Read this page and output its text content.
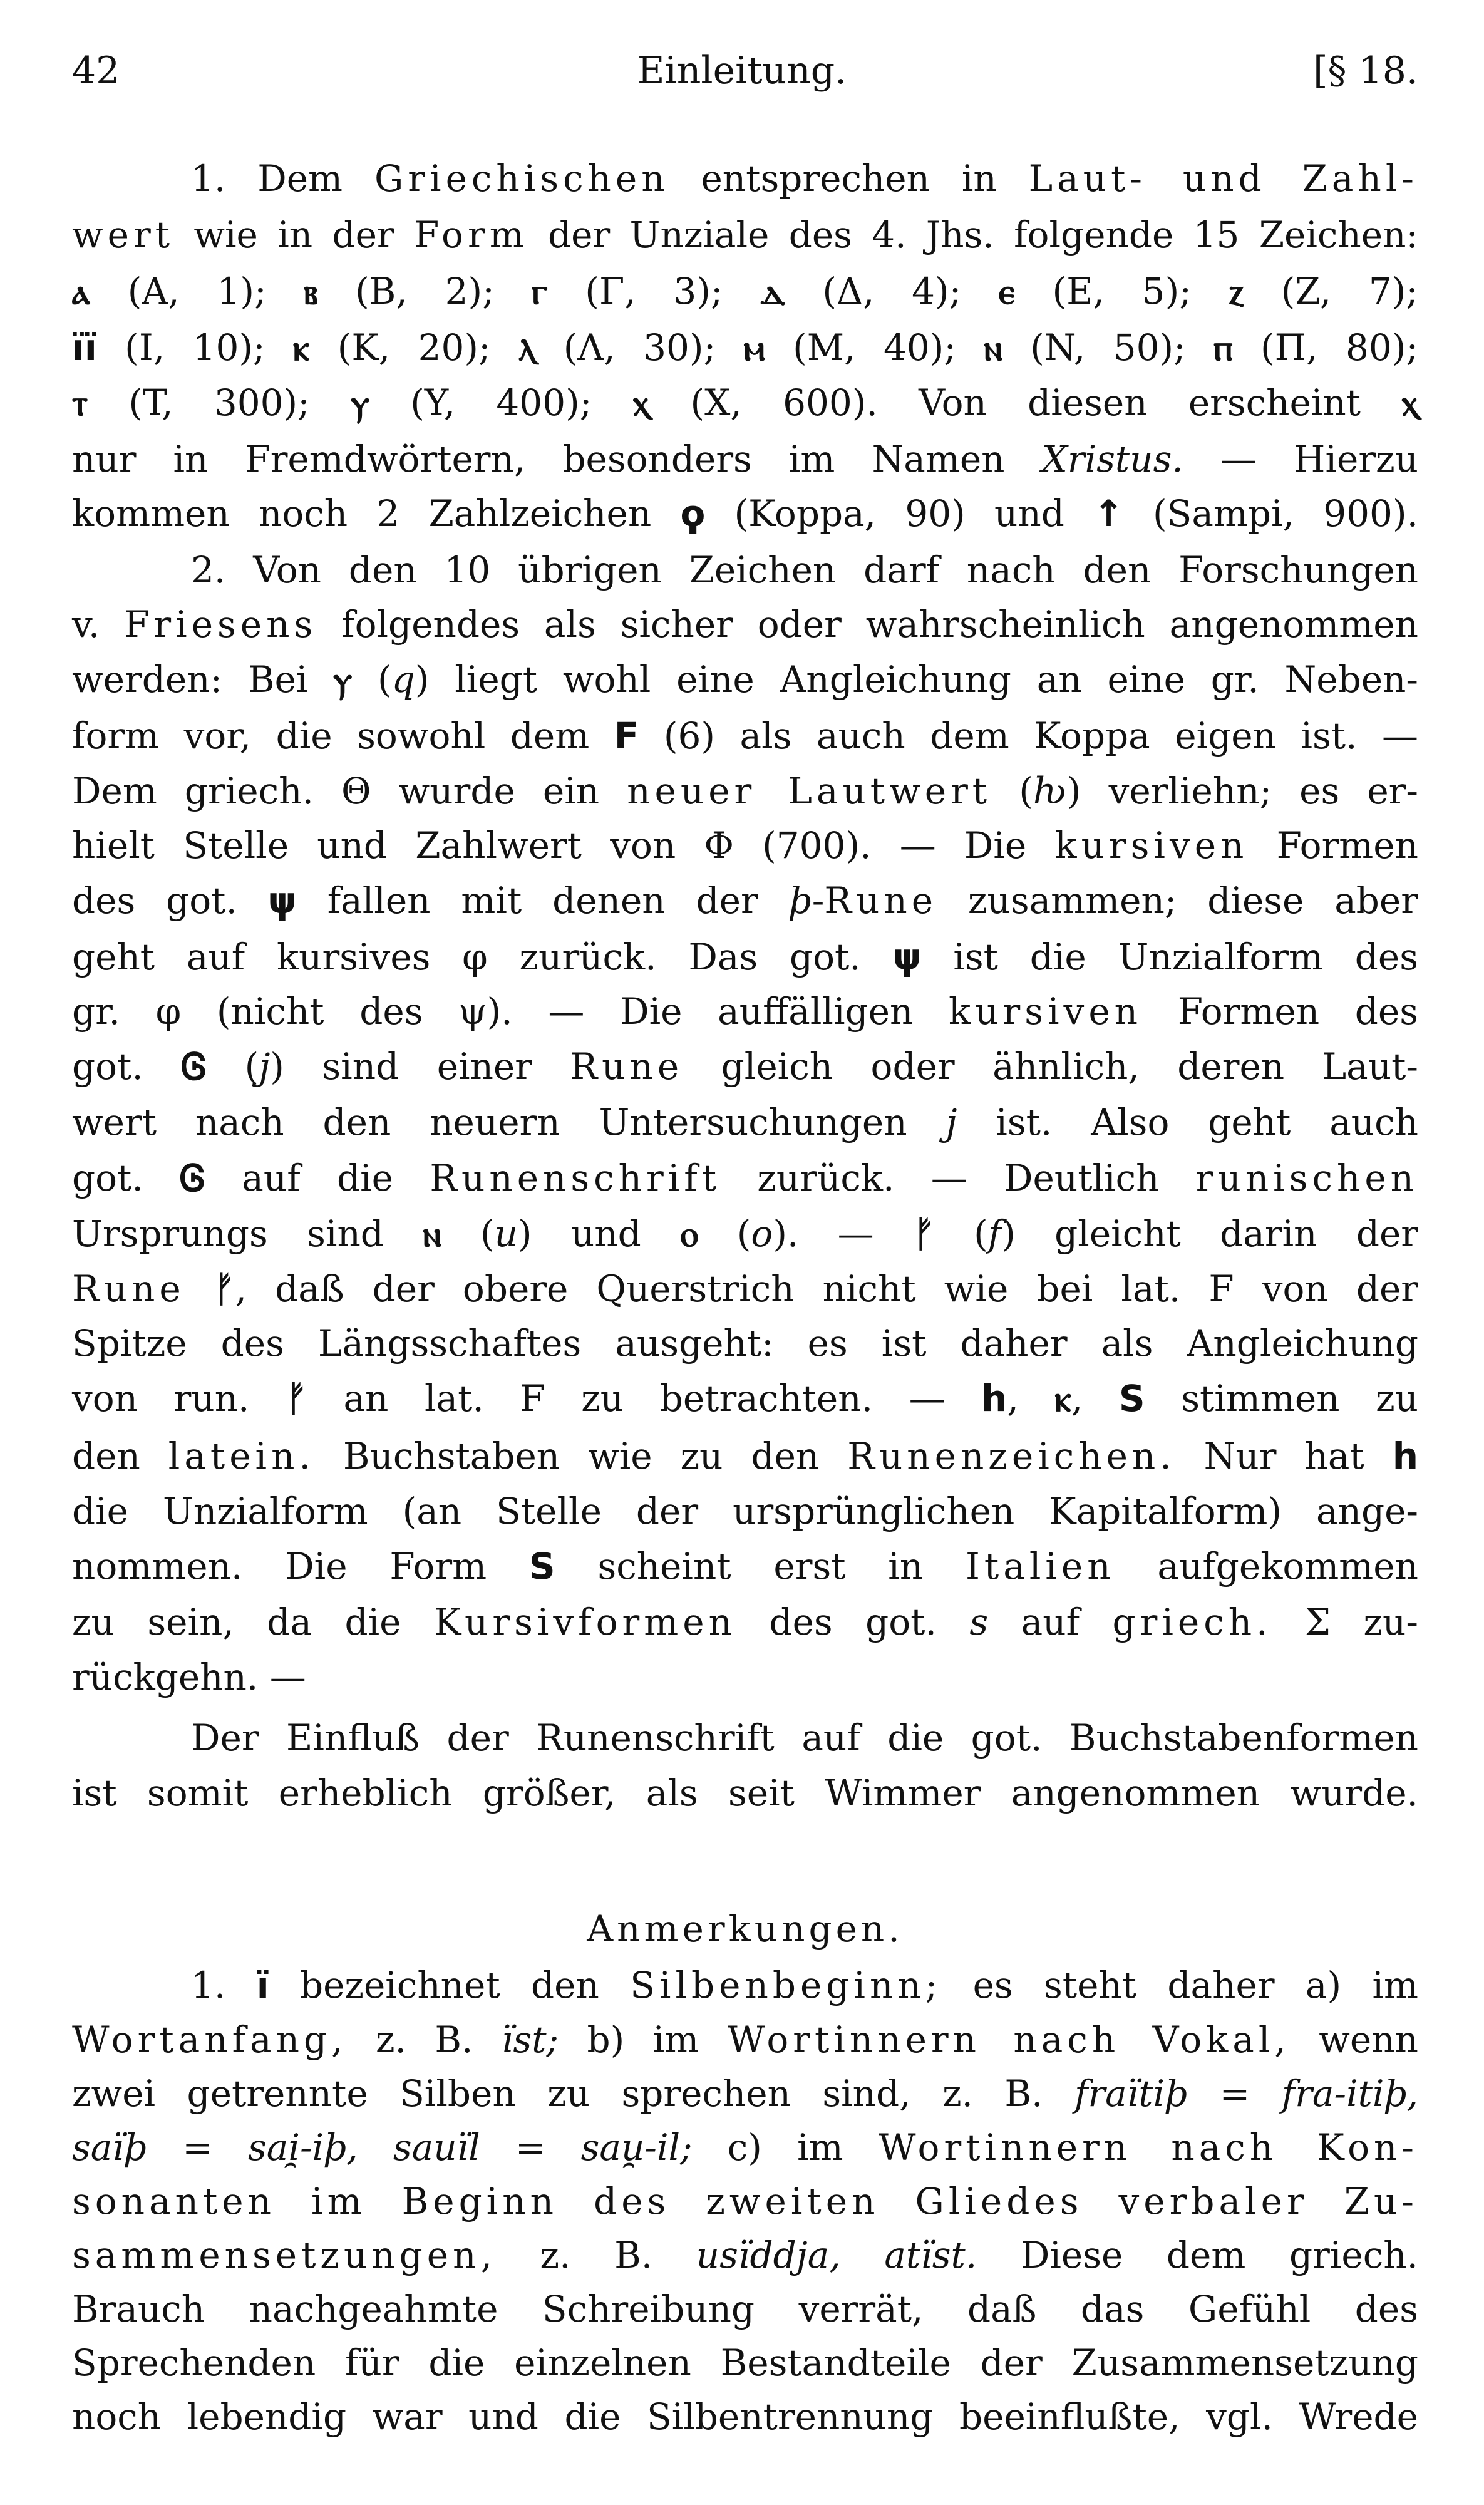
42	Einleitung.	[§ 18.
1. Dem Griechischen entsprechen in Laut- und Zahl-
wert wie in der Form der Unziale des 4. Jhs. folgende 15 Zeichen:
ⲁ (A, 1); ⲃ (B, 2); ⲅ (Γ, 3); ⲇ (Δ, 4); ⲉ (E, 5); ⲍ (Z, 7);
ïï (I, 10); ⲕ (K, 20); ⲗ (Λ, 30); ⲙ (M, 40); ⲛ (N, 50); ⲡ (Π, 80);
ⲧ (T, 300); ⲩ (Y, 400); ⲭ (X, 600). Von diesen erscheint ⲭ
nur in Fremdwörtern, besonders im Namen Xristus. — Hierzu
kommen noch 2 Zahlzeichen ϙ (Koppa, 90) und ↑ (Sampi, 900).
2. Von den 10 übrigen Zeichen darf nach den Forschungen
v. Friesens folgendes als sicher oder wahrscheinlich angenommen
werden: Bei ⲩ (q) liegt wohl eine Angleichung an eine gr. Neben-
form vor, die sowohl dem F (6) als auch dem Koppa eigen ist. —
Dem griech. Θ wurde ein neuer Lautwert (ƕ) verliehn; es er-
hielt Stelle und Zahlwert von Φ (700). — Die kursiven Formen
des got. ψ fallen mit denen der þ-Rune zusammen; diese aber
geht auf kursives φ zurück. Das got. ψ ist die Unzialform des
gr. φ (nicht des ψ). — Die auffälligen kursiven Formen des
got. Ꮆ (j) sind einer Rune gleich oder ähnlich, deren Laut-
wert nach den neuern Untersuchungen j ist. Also geht auch
got. Ꮆ auf die Runenschrift zurück. — Deutlich runischen
Ursprungs sind ⲛ (u) und ⲟ (o). — ᚠ (f) gleicht darin der
Rune ᚠ, daß der obere Querstrich nicht wie bei lat. F von der
Spitze des Längsschaftes ausgeht: es ist daher als Angleichung
von run. ᚠ an lat. F zu betrachten. — h, ⲕ, S stimmen zu
den latein. Buchstaben wie zu den Runenzeichen. Nur hat h
die Unzialform (an Stelle der ursprünglichen Kapitalform) ange-
nommen. Die Form S scheint erst in Italien aufgekommen
zu sein, da die Kursivformen des got. s auf griech. Σ zu-
rückgehn. —
Der Einfluß der Runenschrift auf die got. Buchstabenformen
ist somit erheblich größer, als seit Wimmer angenommen wurde.
Anmerkungen.
1. ï bezeichnet den Silbenbeginn; es steht daher a) im
Wortanfang, z. B. ïst; b) im Wortinnern nach Vokal, wenn
zwei getrennte Silben zu sprechen sind, z. B. fraïtiþ = fra-itiþ,
saïþ = sai̯-iþ, sauïl = sau̯-il; c) im Wortinnern nach Kon-
sonanten im Beginn des zweiten Gliedes verbaler Zu-
sammensetzungen, z. B. usïddja, atïst. Diese dem griech.
Brauch nachgeahmte Schreibung verrät, daß das Gefühl des
Sprechenden für die einzelnen Bestandteile der Zusammensetzung
noch lebendig war und die Silbentrennung beeinflußte, vgl. Wrede
